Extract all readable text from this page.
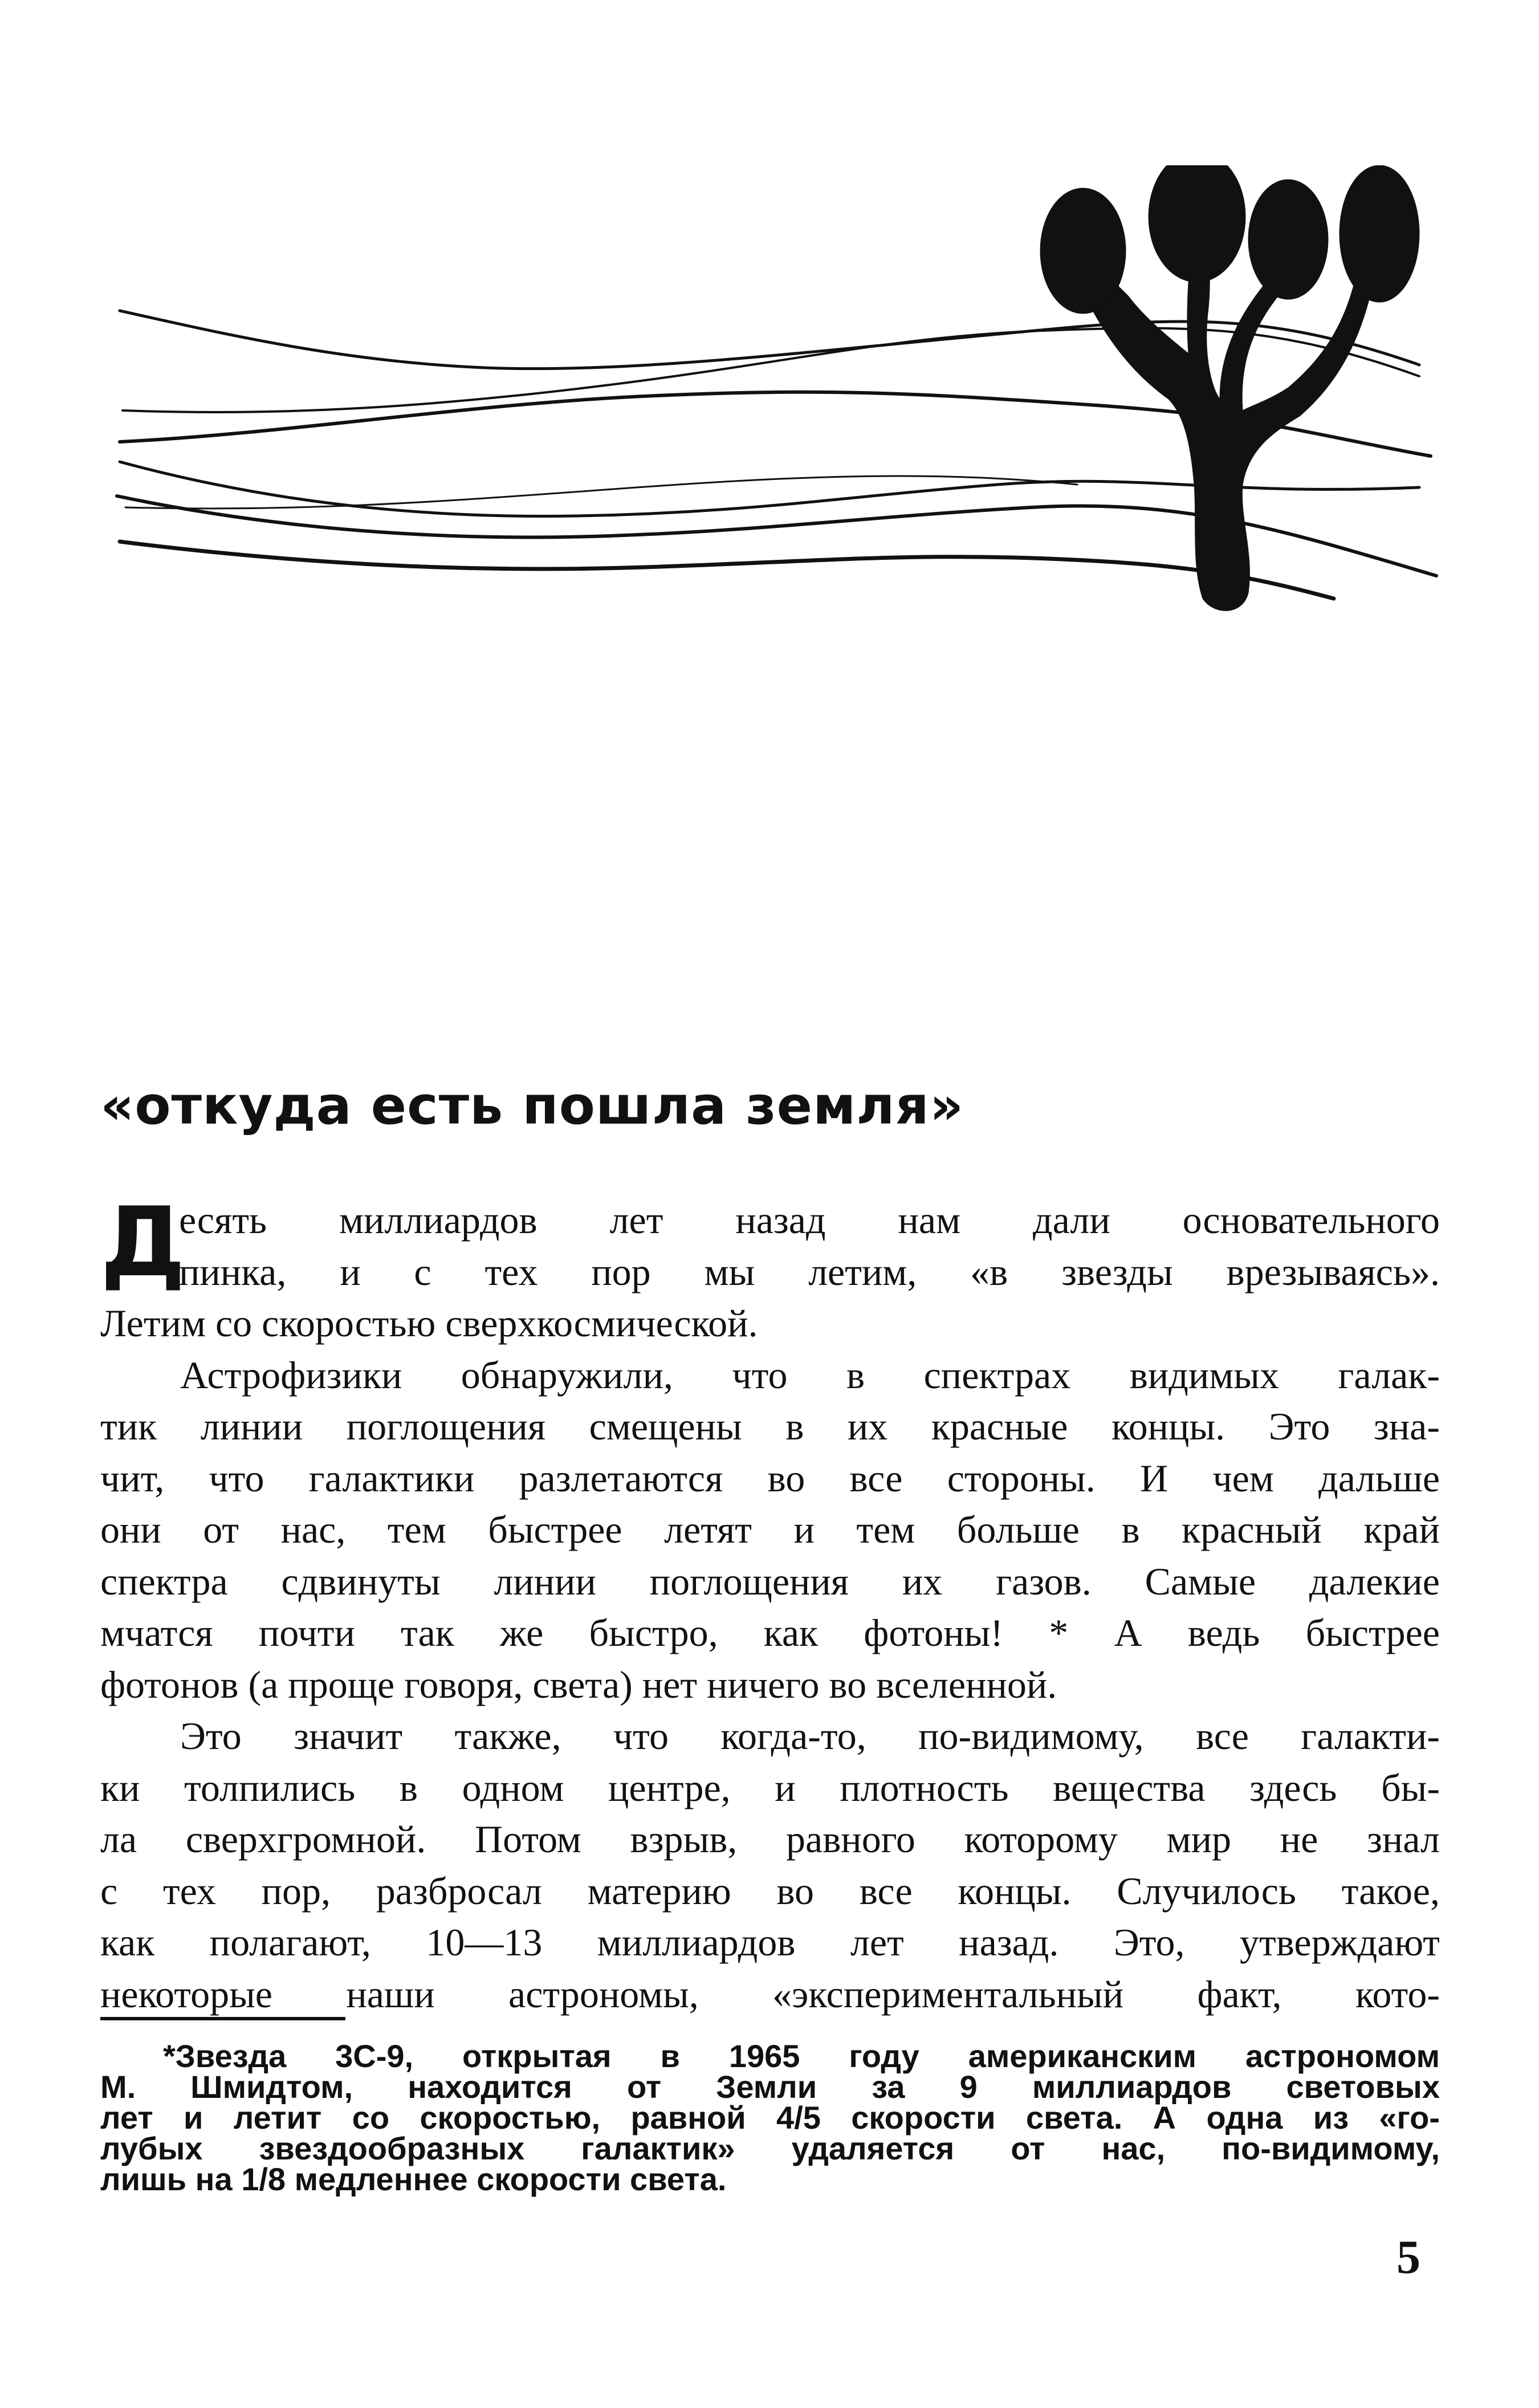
«откуда есть пошла земля»

Д
есять миллиардов лет назад нам дали основательного
пинка, и с тех пор мы летим, «в звезды врезываясь».

Летим со скоростью сверхкосмической.

Астрофизики обнаружили, что в спектрах видимых галак-
тик линии поглощения смещены в их красные концы. Это зна-
чит, что галактики разлетаются во все стороны. И чем дальше
они от нас, тем быстрее летят и тем больше в красный край
спектра сдвинуты линии поглощения их газов. Самые далекие
мчатся почти так же быстро, как фотоны! * А ведь быстрее
фотонов (а проще говоря, света) нет ничего во вселенной.

Это значит также, что когда-то, по-видимому, все галакти-
ки толпились в одном центре, и плотность вещества здесь бы-
ла сверхгромной. Потом взрыв, равного которому мир не знал
с тех пор, разбросал материю во все концы. Случилось такое,
как полагают, 10—13 миллиардов лет назад. Это, утверждают
некоторые наши астрономы, «экспериментальный факт, кото-

*Звезда 3С-9, открытая в 1965 году американским астрономом
М. Шмидтом, находится от Земли за 9 миллиардов световых
лет и летит со скоростью, равной 4/5 скорости света. А одна из «го-
лубых звездообразных галактик» удаляется от нас, по-видимому,
лишь на 1/8 медленнее скорости света.
5
